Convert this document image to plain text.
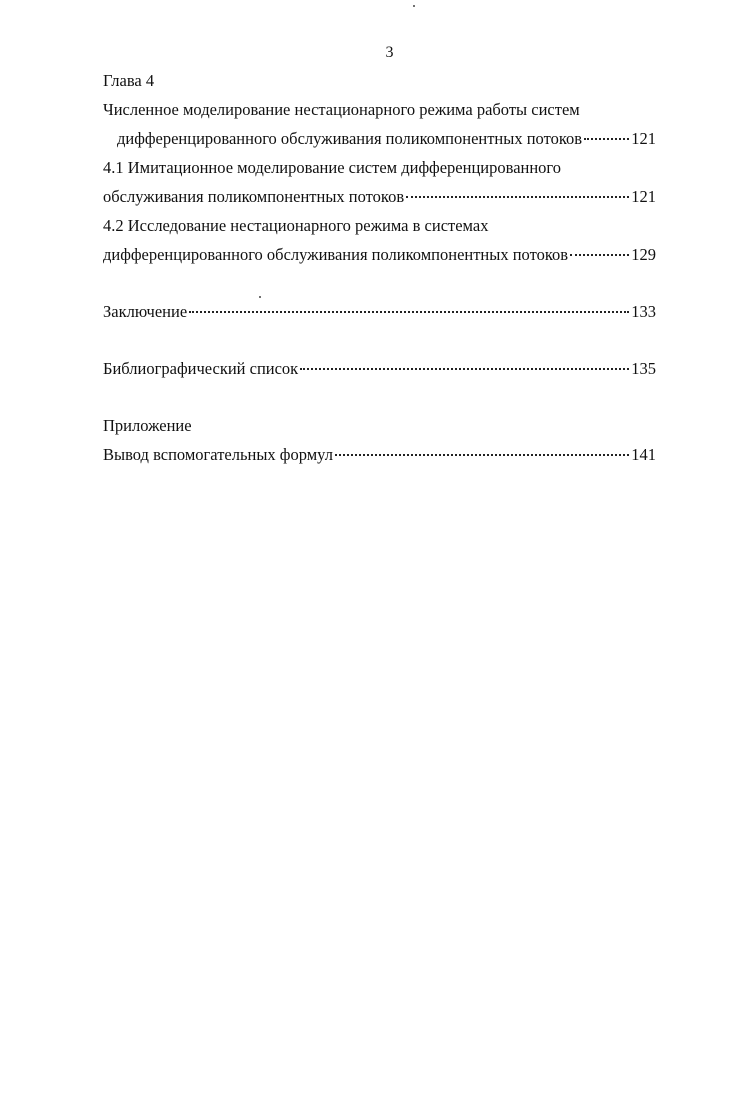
3
Глава 4
Численное моделирование нестационарного режима работы систем
дифференцированного обслуживания поликомпонентных потоков	121
4.1 Имитационное моделирование систем дифференцированного
обслуживания поликомпонентных потоков	121
4.2 Исследование нестационарного режима в системах
дифференцированного обслуживания поликомпонентных потоков	129
Заключение	133
Библиографический список	135
Приложение
Вывод вспомогательных формул	141
